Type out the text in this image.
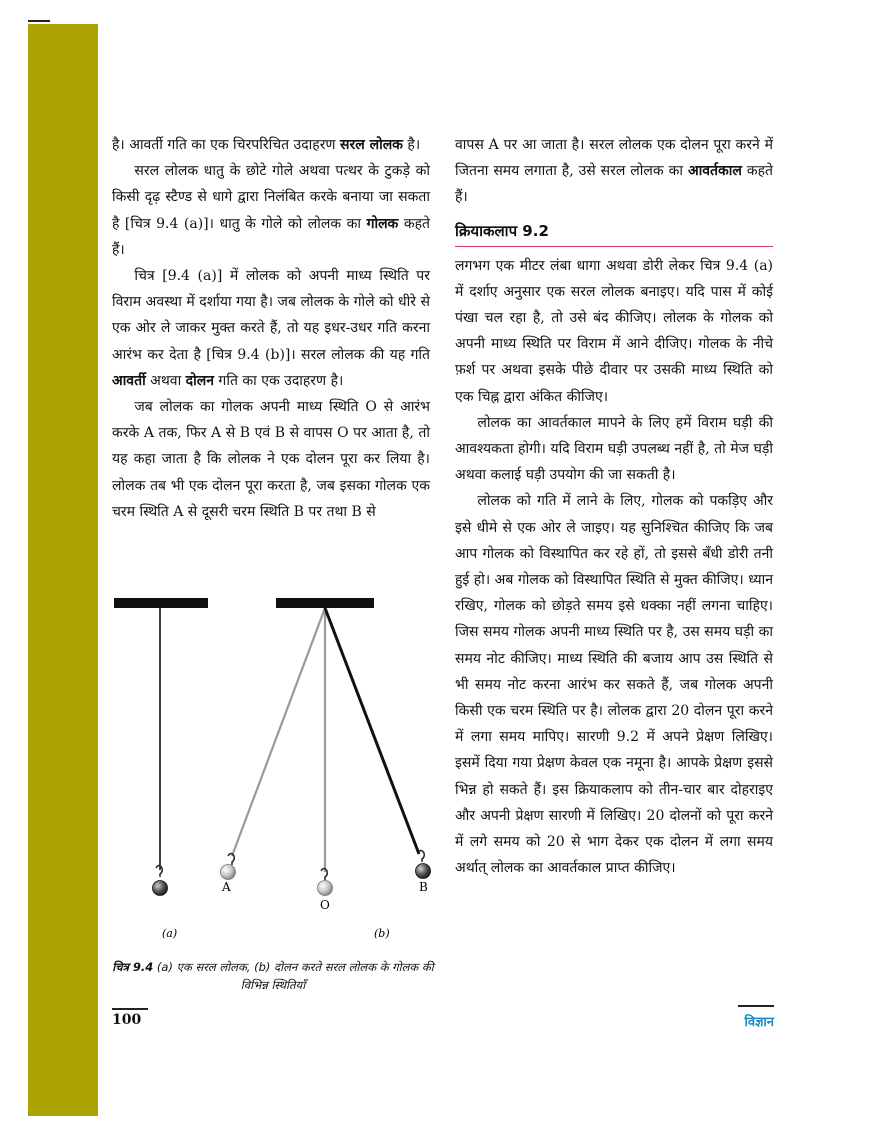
है। आवर्ती गति का एक चिरपरिचित उदाहरण सरल लोलक है।

सरल लोलक धातु के छोटे गोले अथवा पत्थर के टुकड़े को किसी दृढ़ स्टैण्ड से धागे द्वारा निलंबित करके बनाया जा सकता है [चित्र 9.4 (a)]। धातु के गोले को लोलक का गोलक कहते हैं।

चित्र [9.4 (a)] में लोलक को अपनी माध्य स्थिति पर विराम अवस्था में दर्शाया गया है। जब लोलक के गोले को धीरे से एक ओर ले जाकर मुक्त करते हैं, तो यह इधर-उधर गति करना आरंभ कर देता है [चित्र 9.4 (b)]। सरल लोलक की यह गति आवर्ती अथवा दोलन गति का एक उदाहरण है।

जब लोलक का गोलक अपनी माध्य स्थिति O से आरंभ करके A तक, फिर A से B एवं B से वापस O पर आता है, तो यह कहा जाता है कि लोलक ने एक दोलन पूरा कर लिया है। लोलक तब भी एक दोलन पूरा करता है, जब इसका गोलक एक चरम स्थिति A से दूसरी चरम स्थिति B पर तथा B से

वापस A पर आ जाता है। सरल लोलक एक दोलन पूरा करने में जितना समय लगाता है, उसे सरल लोलक का आवर्तकाल कहते हैं।

क्रियाकलाप 9.2

लगभग एक मीटर लंबा धागा अथवा डोरी लेकर चित्र 9.4 (a) में दर्शाए अनुसार एक सरल लोलक बनाइए। यदि पास में कोई पंखा चल रहा है, तो उसे बंद कीजिए। लोलक के गोलक को अपनी माध्य स्थिति पर विराम में आने दीजिए। गोलक के नीचे फ़र्श पर अथवा इसके पीछे दीवार पर उसकी माध्य स्थिति को एक चिह्न द्वारा अंकित कीजिए।

लोलक का आवर्तकाल मापने के लिए हमें विराम घड़ी की आवश्यकता होगी। यदि विराम घड़ी उपलब्ध नहीं है, तो मेज घड़ी अथवा कलाई घड़ी उपयोग की जा सकती है।

लोलक को गति में लाने के लिए, गोलक को पकड़िए और इसे धीमे से एक ओर ले जाइए। यह सुनिश्चित कीजिए कि जब आप गोलक को विस्थापित कर रहे हों, तो इससे बँधी डोरी तनी हुई हो। अब गोलक को विस्थापित स्थिति से मुक्त कीजिए। ध्यान रखिए, गोलक को छोड़ते समय इसे धक्का नहीं लगना चाहिए। जिस समय गोलक अपनी माध्य स्थिति पर है, उस समय घड़ी का समय नोट कीजिए। माध्य स्थिति की बजाय आप उस स्थिति से भी समय नोट करना आरंभ कर सकते हैं, जब गोलक अपनी किसी एक चरम स्थिति पर है। लोलक द्वारा 20 दोलन पूरा करने में लगा समय मापिए। सारणी 9.2 में अपने प्रेक्षण लिखिए। इसमें दिया गया प्रेक्षण केवल एक नमूना है। आपके प्रेक्षण इससे भिन्न हो सकते हैं। इस क्रियाकलाप को तीन-चार बार दोहराइए और अपनी प्रेक्षण सारणी में लिखिए। 20 दोलनों को पूरा करने में लगे समय को 20 से भाग देकर एक दोलन में लगा समय अर्थात् लोलक का आवर्तकाल प्राप्त कीजिए।

A
O
B
(a)	(b)
चित्र 9.4 (a) एक सरल लोलक, (b) दोलन करते सरल लोलक के गोलक की विभिन्न स्थितियाँ
100	विज्ञान
